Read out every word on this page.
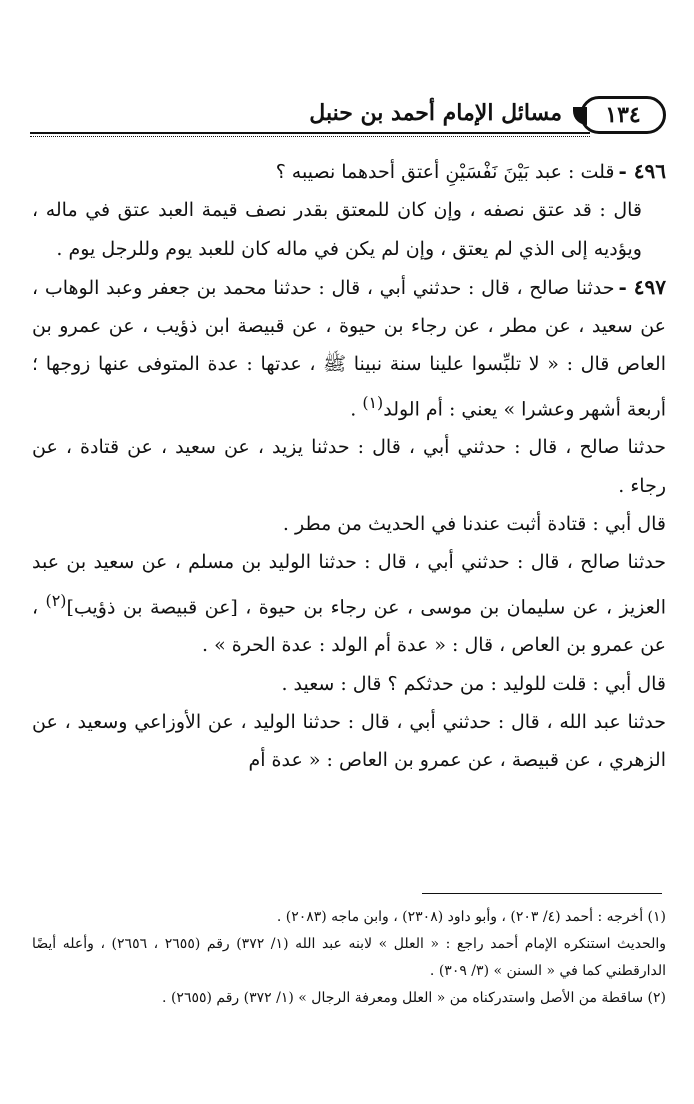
١٣٤
مسائل الإمام أحمد بن حنبل

٤٩٦ -قلت : عبد بَيْنَ نَفْسَيْنِ أعتق أحدهما نصيبه ؟

قال : قد عتق نصفه ، وإن كان للمعتق بقدر نصف قيمة العبد عتق في ماله ، ويؤديه إلى الذي لم يعتق ، وإن لم يكن في ماله كان للعبد يوم وللرجل يوم .

٤٩٧ -حدثنا صالح ، قال : حدثني أبي ، قال : حدثنا محمد بن جعفر وعبد الوهاب ، عن سعيد ، عن مطر ، عن رجاء بن حيوة ، عن قبيصة ابن ذؤيب ، عن عمرو بن العاص قال : « لا تلبِّسوا علينا سنة نبينا ﷺ ، عدتها : عدة المتوفى عنها زوجها ؛ أربعة أشهر وعشرا » يعني : أم الولد$^{(١)}$ .

حدثنا صالح ، قال : حدثني أبي ، قال : حدثنا يزيد ، عن سعيد ، عن قتادة ، عن رجاء .

قال أبي : قتادة أثبت عندنا في الحديث من مطر .

حدثنا صالح ، قال : حدثني أبي ، قال : حدثنا الوليد بن مسلم ، عن سعيد بن عبد العزيز ، عن سليمان بن موسى ، عن رجاء بن حيوة ، [عن قبيصة بن ذؤيب]$^{(٢)}$ ، عن عمرو بن العاص ، قال : « عدة أم الولد : عدة الحرة » .

قال أبي : قلت للوليد : من حدثكم ؟ قال : سعيد .

حدثنا عبد الله ، قال : حدثني أبي ، قال : حدثنا الوليد ، عن الأوزاعي وسعيد ، عن الزهري ، عن قبيصة ، عن عمرو بن العاص : « عدة أم

(١) أخرجه : أحمد (٤/ ٢٠٣) ، وأبو داود (٢٣٠٨) ، وابن ماجه (٢٠٨٣) .

والحديث استنكره الإمام أحمد راجع : « العلل » لابنه عبد الله (١/ ٣٧٢) رقم (٢٦٥٥ ، ٢٦٥٦) ، وأعله أيضًا الدارقطني كما في « السنن » (٣/ ٣٠٩) .

(٢) ساقطة من الأصل واستدركناه من « العلل ومعرفة الرجال » (١/ ٣٧٢) رقم (٢٦٥٥) .
